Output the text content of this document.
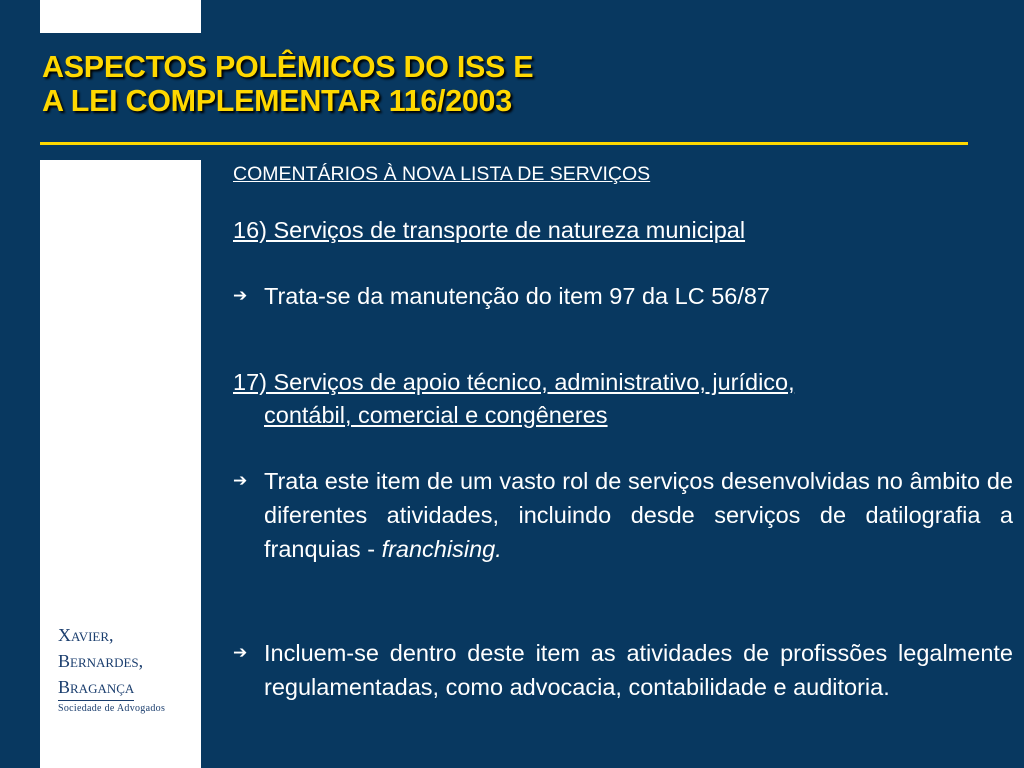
ASPECTOS POLÊMICOS DO ISS E
A LEI COMPLEMENTAR 116/2003
COMENTÁRIOS À NOVA LISTA DE SERVIÇOS
16) Serviços de transporte de natureza municipal
➔ Trata-se da manutenção do item 97 da LC 56/87
17) Serviços de apoio técnico, administrativo, jurídico,
contábil, comercial e congêneres
➔ Trata este item de um vasto rol de serviços desenvolvidas no âmbito de diferentes atividades, incluindo desde serviços de datilografia a franquias - franchising.
➔ Incluem-se dentro deste item as atividades de profissões legalmente regulamentadas, como advocacia, contabilidade e auditoria.
Xavier,
Bernardes,
Bragança
Sociedade de Advogados
